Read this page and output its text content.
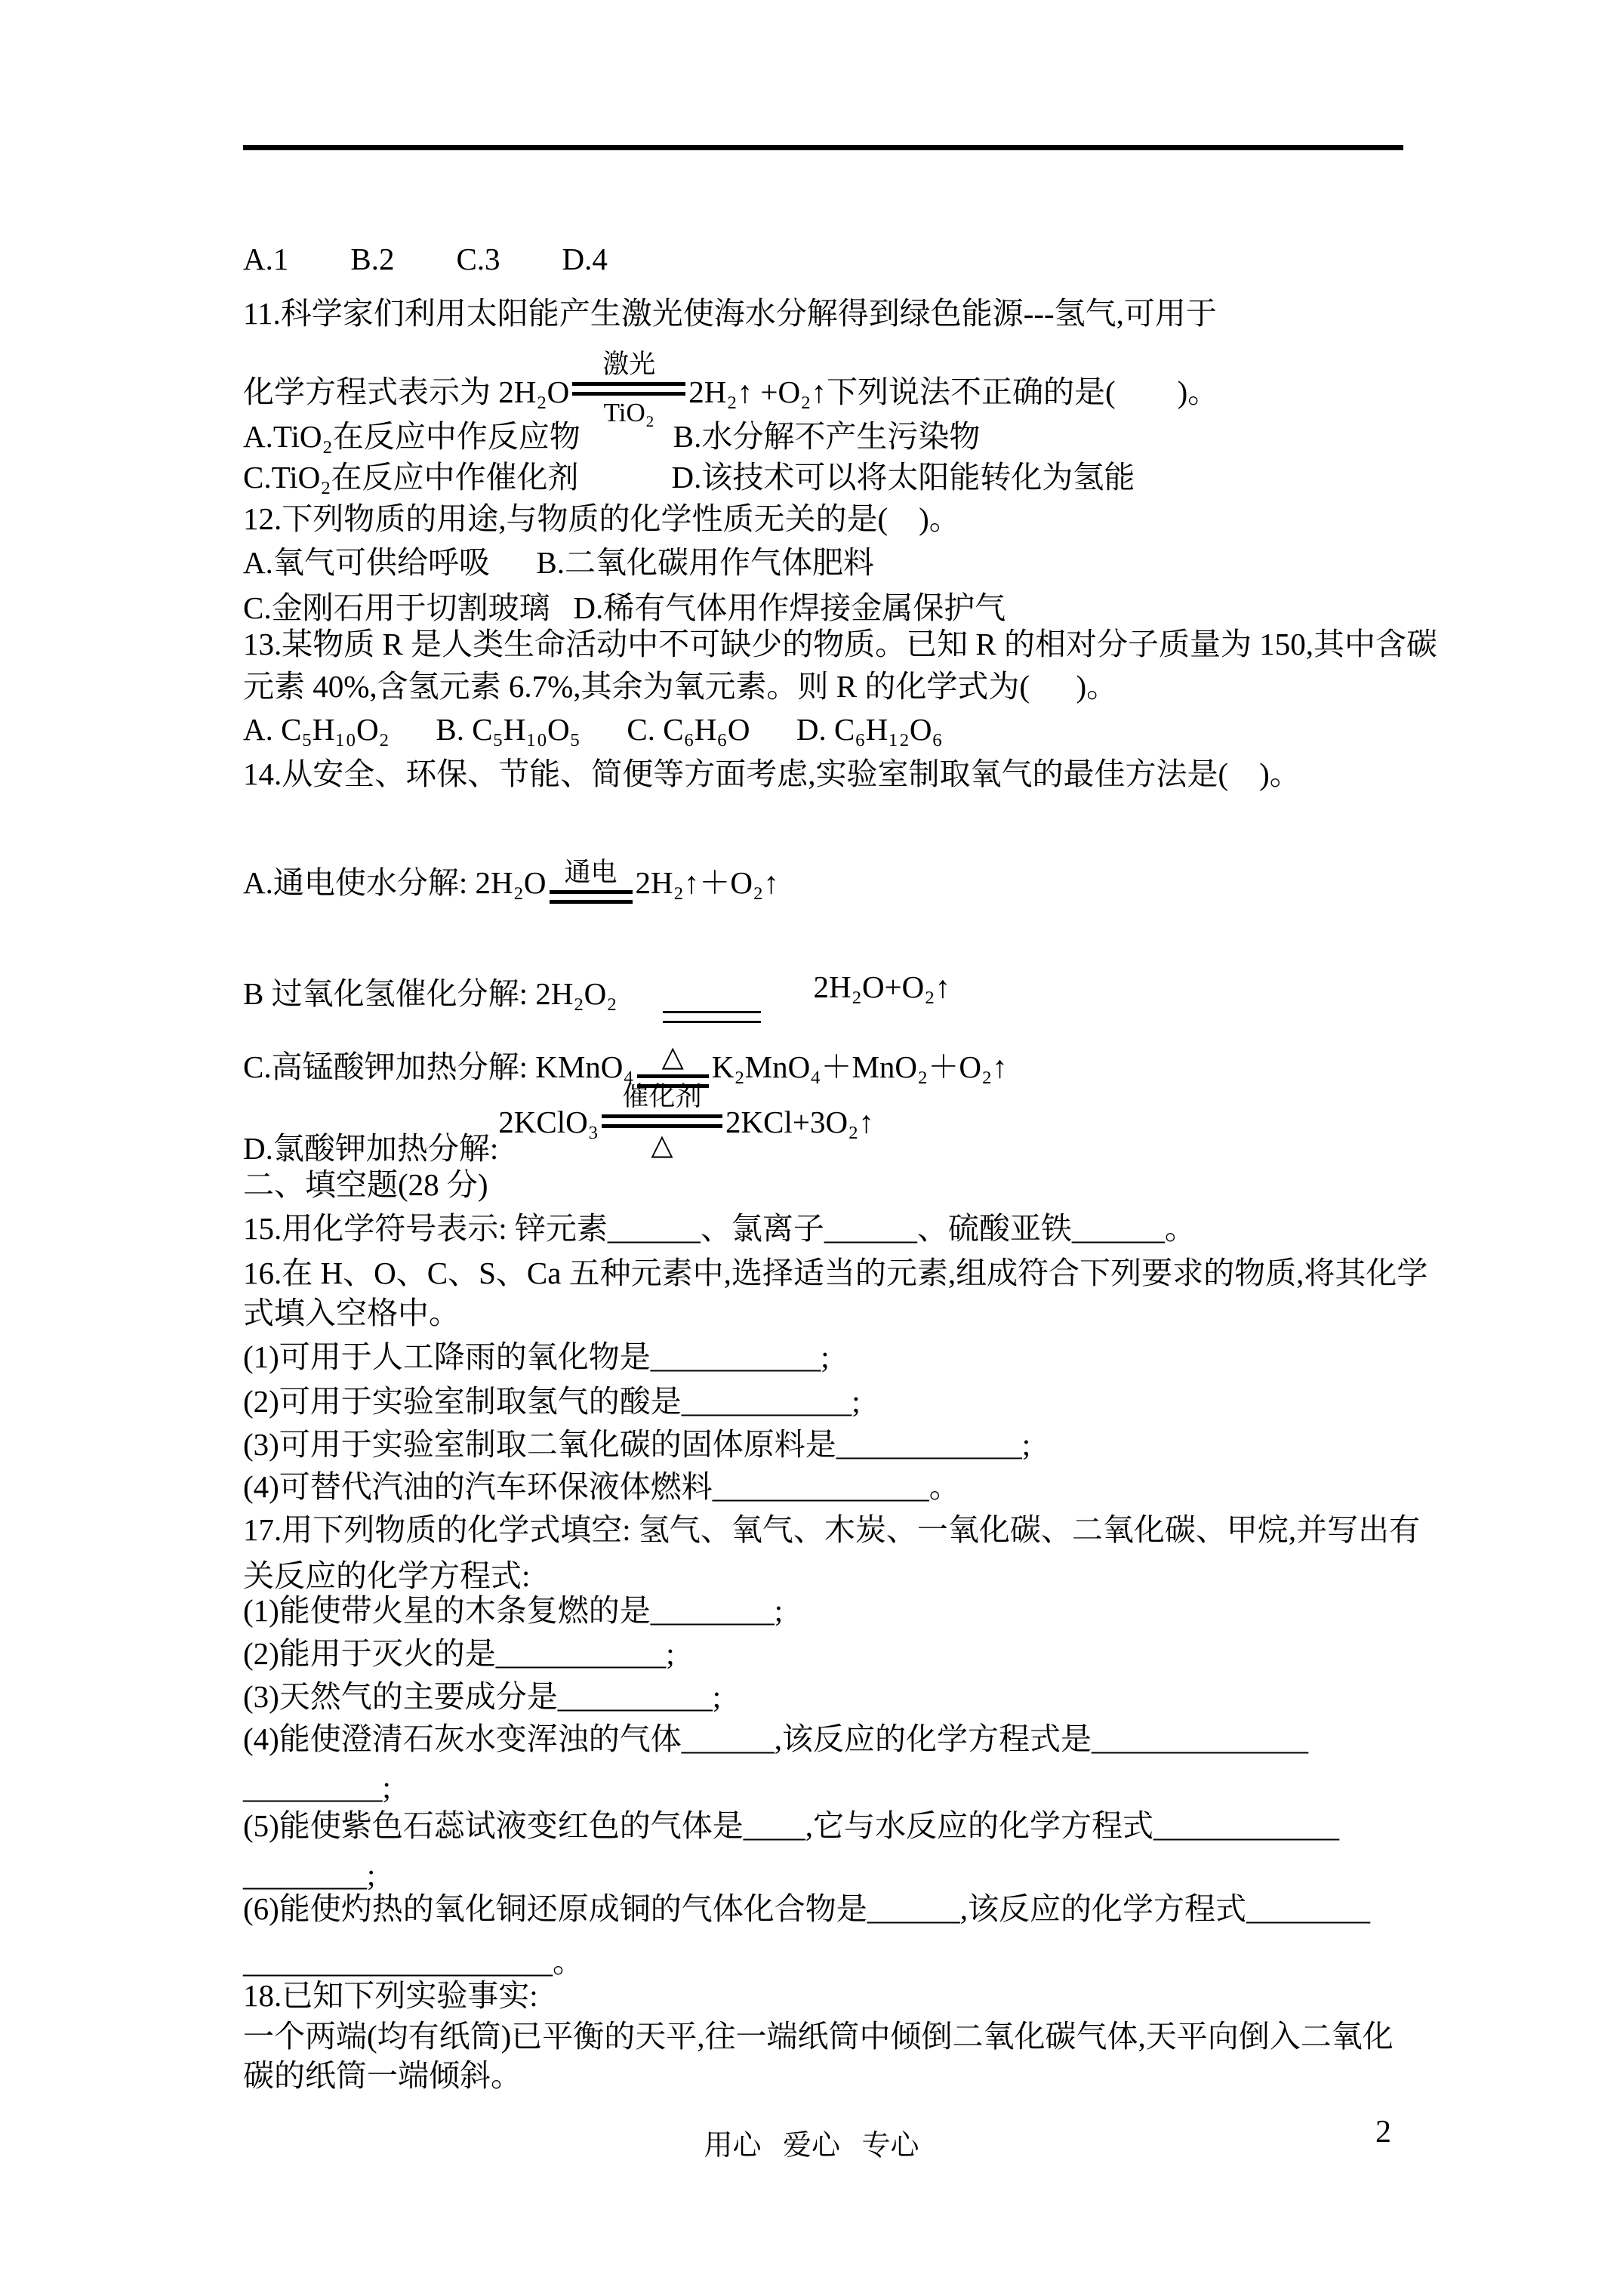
A.1        B.2        C.3        D.4
11.科学家们利用太阳能产生激光使海水分解得到绿色能源---氢气,可用于
化学方程式表示为 2H₂O
激光
TiO₂
2H₂↑ +O₂↑下列说法不正确的是(        )。
A.TiO₂在反应中作反应物            B.水分解不产生污染物
C.TiO₂在反应中作催化剂            D.该技术可以将太阳能转化为氢能
12.下列物质的用途,与物质的化学性质无关的是(    )。
A.氧气可供给呼吸      B.二氧化碳用作气体肥料
C.金刚石用于切割玻璃   D.稀有气体用作焊接金属保护气
13.某物质 R 是人类生命活动中不可缺少的物质。已知 R 的相对分子质量为 150,其中含碳
元素 40%,含氢元素 6.7%,其余为氧元素。则 R 的化学式为(      )。
A. C₅H₁₀O₂      B. C₅H₁₀O₅      C. C₆H₆O      D. C₆H₁₂O₆
14.从安全、环保、节能、简便等方面考虑,实验室制取氧气的最佳方法是(    )。
A.通电使水分解: 2H₂O 通电 2H₂↑＋O₂↑
B 过氧化氢催化分解: 2H₂O₂	2H₂O+O₂↑
C.高锰酸钾加热分解: KMnO₄ △ K₂MnO₄＋MnO₂＋O₂↑
D.氯酸钾加热分解:
2KClO₃
催化剂
△
2KCl+3O₂↑
二、填空题(28 分)
15.用化学符号表示: 锌元素______、氯离子______、硫酸亚铁______。
16.在 H、O、C、S、Ca 五种元素中,选择适当的元素,组成符合下列要求的物质,将其化学
式填入空格中。
(1)可用于人工降雨的氧化物是___________;
(2)可用于实验室制取氢气的酸是___________;
(3)可用于实验室制取二氧化碳的固体原料是____________;
(4)可替代汽油的汽车环保液体燃料______________。
17.用下列物质的化学式填空: 氢气、氧气、木炭、一氧化碳、二氧化碳、甲烷,并写出有
关反应的化学方程式:
(1)能使带火星的木条复燃的是________;
(2)能用于灭火的是___________;
(3)天然气的主要成分是__________;
(4)能使澄清石灰水变浑浊的气体______,该反应的化学方程式是______________
_________;
(5)能使紫色石蕊试液变红色的气体是____,它与水反应的化学方程式____________
________;
(6)能使灼热的氧化铜还原成铜的气体化合物是______,该反应的化学方程式________
____________________。
18.已知下列实验事实:
一个两端(均有纸筒)已平衡的天平,往一端纸筒中倾倒二氧化碳气体,天平向倒入二氧化
碳的纸筒一端倾斜。
用心   爱心   专心	2
